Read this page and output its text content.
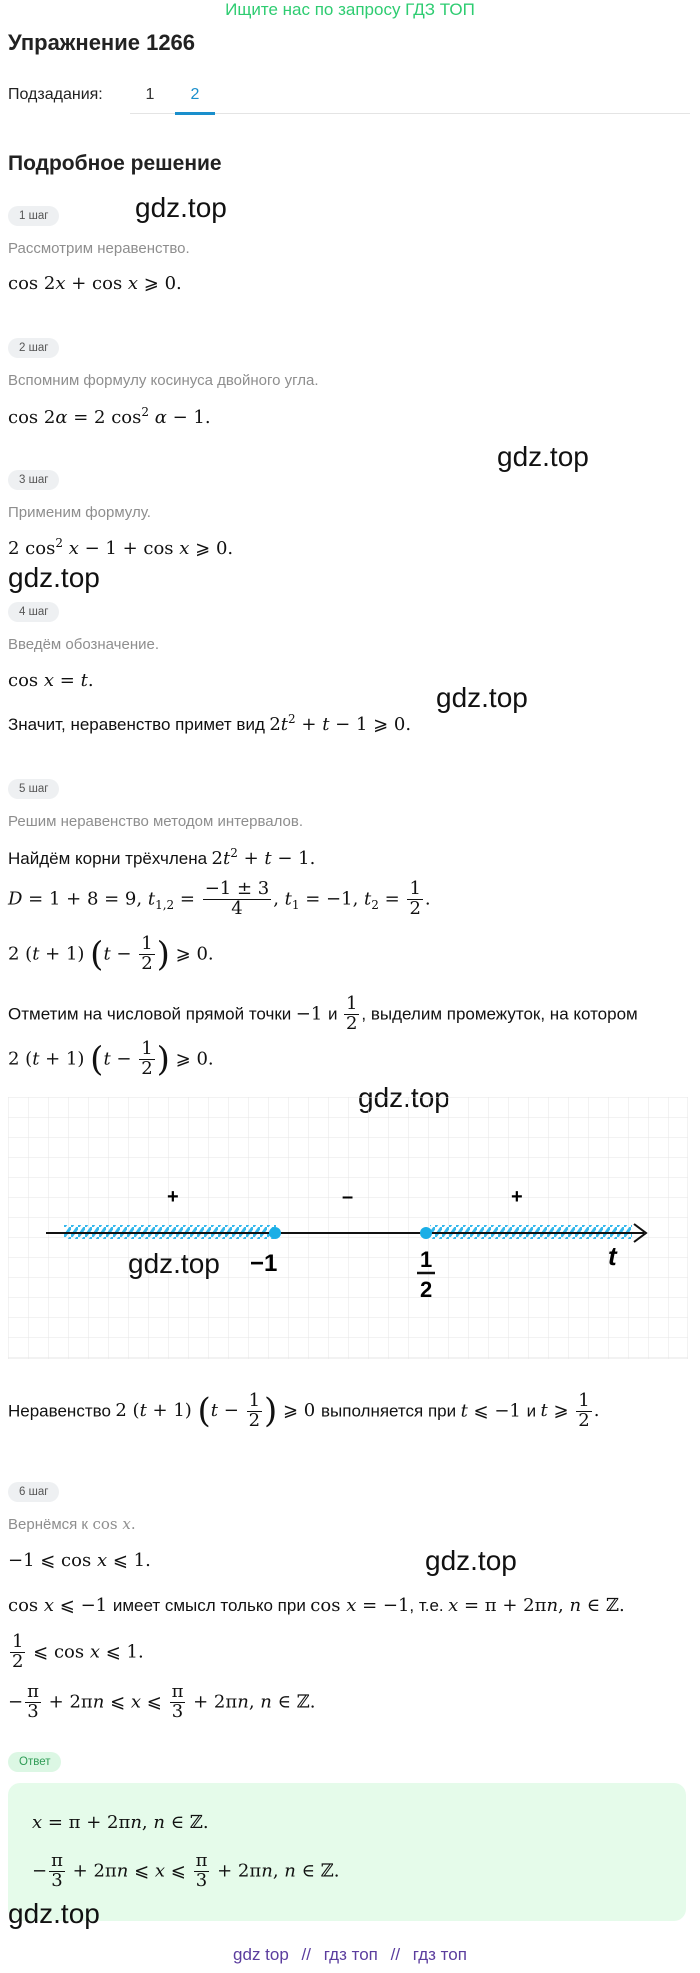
Ищите нас по запросу ГДЗ ТОП
Упражнение 1266
Подзадания:	1	2
Подробное решение
1 шаг	gdz.top
Рассмотрим неравенство.
cos 2x + cos x ⩾ 0.
2 шаг
Вспомним формулу косинуса двойного угла.
cos 2α = 2 $\cos^2 \alpha - 1$.
gdz.top
3 шаг
Применим формулу.
2 $\cos^2 x - 1 + \cos x$ ⩾ 0.
gdz.top
4 шаг
Введём обозначение.
cos x = t.
gdz.top
Значит, неравенство примет вид $2t^2 + t - 1$ ⩾ 0.
5 шаг
Решим неравенство методом интервалов.
Найдём корни трёхчлена $2t^2 + t - 1$.
D = 1 + 8 = 9, $t_{1,2} = \frac{-1 \pm 3}{4}$ , $t_1 = -1$, $t_2 = \frac{1}{2}$ .
2 (t + 1) ($t - \frac{1}{2}$ ) ⩾ 0.
Отметим на числовой прямой точки −1 и $\frac{1}{2}$ , выделим промежуток, на котором
2 (t + 1) ($t - \frac{1}{2}$ ) ⩾ 0.
+	–	+
gdz.top −1	1
2
t
Неравенство 2 (t + 1) ($t - \frac{1}{2}$ ) ⩾ 0 выполняется при t ⩽ −1 и t ⩾ $\frac{1}{2}$ .
6 шаг
Вернёмся к cos x.
−1 ⩽ cos x ⩽ 1.	gdz.top
cos x ⩽ −1 имеет смысл только при cos x = −1, т.е. x = π + 2πn, n ∈ ℤ.
$\frac{1}{2}$ ⩽ cos x ⩽ 1.
− $\frac{\pi}{3} + 2\pi n$ ⩽ x ⩽ $\frac{\pi}{3} + 2\pi n$, n ∈ ℤ.
Ответ
x = π + 2πn, n ∈ ℤ.
− $\frac{\pi}{3} + 2\pi n$ ⩽ x ⩽ $\frac{\pi}{3} + 2\pi n$, n ∈ ℤ.
gdz.top
gdz top // гдз топ // гдз топ
